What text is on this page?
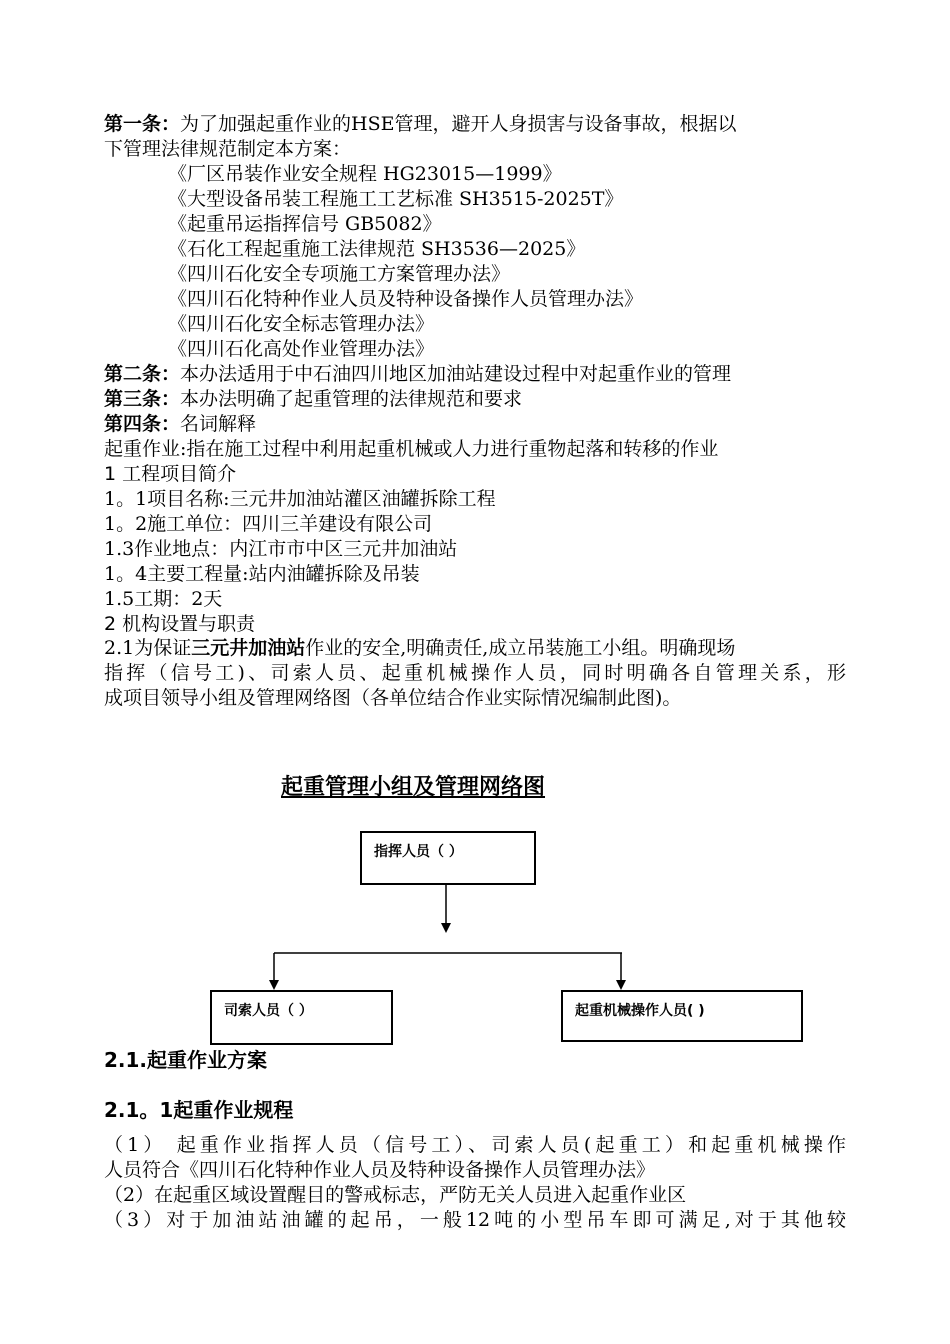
第一条：为了加强起重作业的HSE管理，避开人身损害与设备事故，根据以
下管理法律规范制定本方案：
《厂区吊装作业安全规程 HG23015—1999》
《大型设备吊装工程施工工艺标准 SH3515-2025T》
《起重吊运指挥信号 GB5082》
《石化工程起重施工法律规范 SH3536—2025》
《四川石化安全专项施工方案管理办法》
《四川石化特种作业人员及特种设备操作人员管理办法》
《四川石化安全标志管理办法》
《四川石化高处作业管理办法》
第二条：本办法适用于中石油四川地区加油站建设过程中对起重作业的管理
第三条：本办法明确了起重管理的法律规范和要求
第四条：名词解释
起重作业:指在施工过程中利用起重机械或人力进行重物起落和转移的作业
1 工程项目简介
1。1项目名称:三元井加油站灌区油罐拆除工程
1。2施工单位：四川三羊建设有限公司
1.3作业地点：内江市市中区三元井加油站
1。4主要工程量:站内油罐拆除及吊装
1.5工期：2天
2 机构设置与职责
2.1为保证三元井加油站作业的安全,明确责任,成立吊装施工小组。明确现场
指挥（信号工)、司索人员、起重机械操作人员，同时明确各自管理关系，形
成项目领导小组及管理网络图（各单位结合作业实际情况编制此图)。
起重管理小组及管理网络图
指挥人员（ ）
司索人员（ ）	起重机械操作人员( )
2.1.起重作业方案
2.1。1起重作业规程
（1） 起重作业指挥人员（信号工）、司索人员(起重工）和起重机械操作
人员符合《四川石化特种作业人员及特种设备操作人员管理办法》
（2）在起重区域设置醒目的警戒标志，严防无关人员进入起重作业区
（3）对于加油站油罐的起吊，一般12吨的小型吊车即可满足,对于其他较
